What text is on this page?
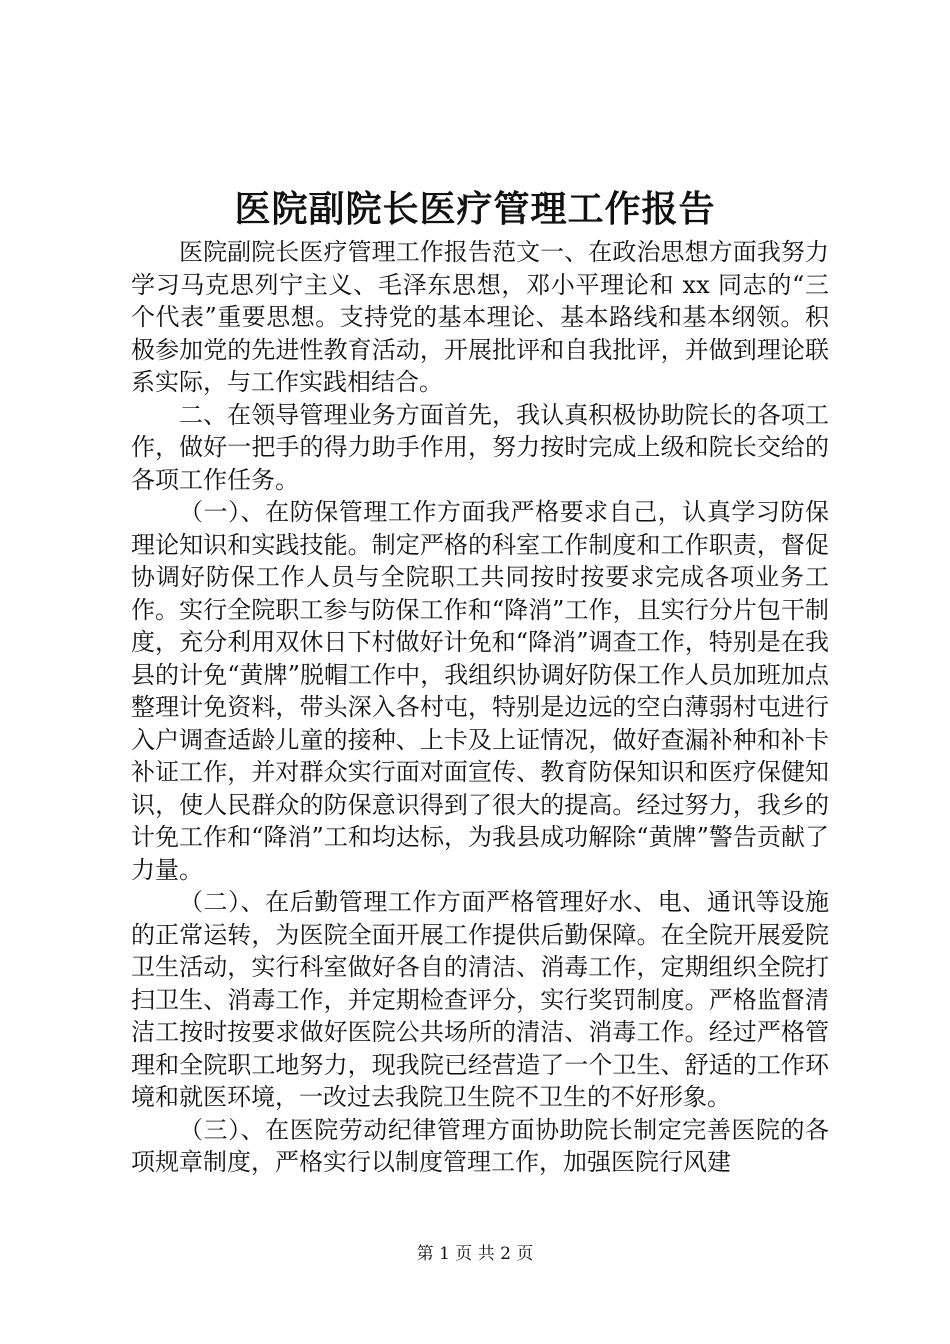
医院副院长医疗管理工作报告

医院副院长医疗管理工作报告范文一、在政治思想方面我努力学习马克思列宁主义、毛泽东思想，邓小平理论和 xx 同志的“三个代表”重要思想。支持党的基本理论、基本路线和基本纲领。积极参加党的先进性教育活动，开展批评和自我批评，并做到理论联系实际，与工作实践相结合。

二、在领导管理业务方面首先，我认真积极协助院长的各项工作，做好一把手的得力助手作用，努力按时完成上级和院长交给的各项工作任务。

（一）、在防保管理工作方面我严格要求自己，认真学习防保理论知识和实践技能。制定严格的科室工作制度和工作职责，督促协调好防保工作人员与全院职工共同按时按要求完成各项业务工作。实行全院职工参与防保工作和“降消”工作，且实行分片包干制度，充分利用双休日下村做好计免和“降消”调查工作，特别是在我县的计免“黄牌”脱帽工作中，我组织协调好防保工作人员加班加点整理计免资料，带头深入各村屯，特别是边远的空白薄弱村屯进行入户调查适龄儿童的接种、上卡及上证情况，做好查漏补种和补卡补证工作，并对群众实行面对面宣传、教育防保知识和医疗保健知识，使人民群众的防保意识得到了很大的提高。经过努力，我乡的计免工作和“降消”工和均达标，为我县成功解除“黄牌”警告贡献了力量。

（二）、在后勤管理工作方面严格管理好水、电、通讯等设施的正常运转，为医院全面开展工作提供后勤保障。在全院开展爱院卫生活动，实行科室做好各自的清洁、消毒工作，定期组织全院打扫卫生、消毒工作，并定期检查评分，实行奖罚制度。严格监督清洁工按时按要求做好医院公共场所的清洁、消毒工作。经过严格管理和全院职工地努力，现我院已经营造了一个卫生、舒适的工作环境和就医环境，一改过去我院卫生院不卫生的不好形象。

（三）、在医院劳动纪律管理方面协助院长制定完善医院的各项规章制度，严格实行以制度管理工作，加强医院行风建

第 1 页 共 2 页
